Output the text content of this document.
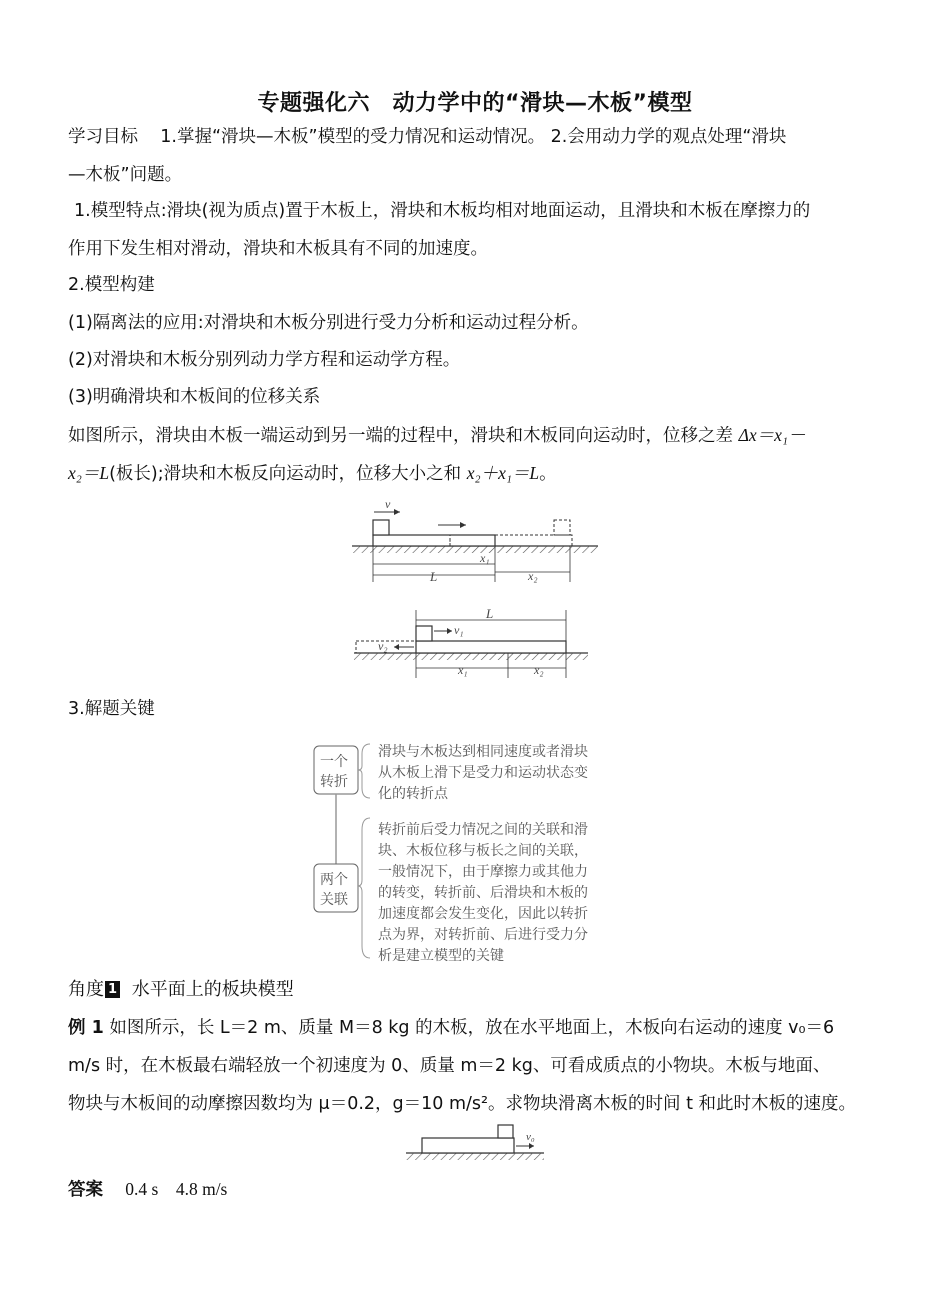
专题强化六　动力学中的“滑块—木板”模型
学习目标 1.掌握“滑块—木板”模型的受力情况和运动情况。 2.会用动力学的观点处理“滑块
—木板”问题。
1.模型特点:滑块(视为质点)置于木板上，滑块和木板均相对地面运动，且滑块和木板在摩擦力的
作用下发生相对滑动，滑块和木板具有不同的加速度。
2.模型构建
(1)隔离法的应用:对滑块和木板分别进行受力分析和运动过程分析。
(2)对滑块和木板分别列动力学方程和运动学方程。
(3)明确滑块和木板间的位移关系
如图所示，滑块由木板一端运动到另一端的过程中，滑块和木板同向运动时，位移之差 Δx＝x₁－
x₂＝L(板长);滑块和木板反向运动时，位移大小之和 x₂＋x₁＝L。
v
x₁
x₂
L
v₁
v₂
L
x₁	x₂
3.解题关键
一个
转折
两个
关联
滑块与木板达到相同速度或者滑块
从木板上滑下是受力和运动状态变
化的转折点
转折前后受力情况之间的关联和滑
块、木板位移与板长之间的关联，
一般情况下，由于摩擦力或其他力
的转变，转折前、后滑块和木板的
加速度都会发生变化，因此以转折
点为界，对转折前、后进行受力分
析是建立模型的关键
角度 1 水平面上的板块模型
例 1 如图所示，长 L＝2 m、质量 M＝8 kg 的木板，放在水平地面上，木板向右运动的速度 v₀＝6
m/s 时，在木板最右端轻放一个初速度为 0、质量 m＝2 kg、可看成质点的小物块。木板与地面、
物块与木板间的动摩擦因数均为 μ＝0.2，g＝10 m/s²。求物块滑离木板的时间 t 和此时木板的速度。
v₀
答案 0.4 s　4.8 m/s
